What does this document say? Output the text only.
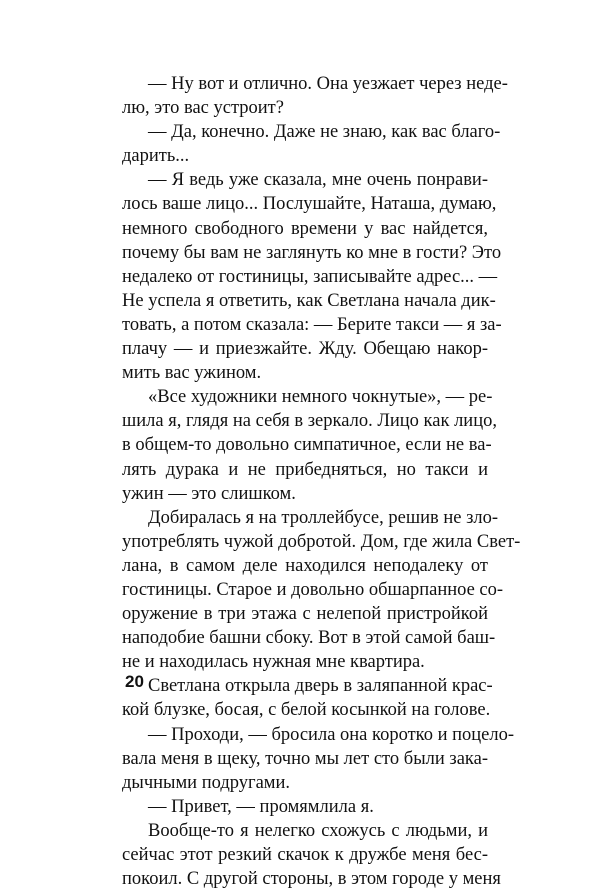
— Ну вот и отлично. Она уезжает через неде-
лю, это вас устроит?
— Да, конечно. Даже не знаю, как вас благо-
дарить...
— Я ведь уже сказала, мне очень понрави-
лось ваше лицо... Послушайте, Наташа, думаю,
немного свободного времени у вас найдется,
почему бы вам не заглянуть ко мне в гости? Это
недалеко от гостиницы, записывайте адрес... —
Не успела я ответить, как Светлана начала дик-
товать, а потом сказала: — Берите такси — я за-
плачу — и приезжайте. Жду. Обещаю накор-
мить вас ужином.
«Все художники немного чокнутые», — ре-
шила я, глядя на себя в зеркало. Лицо как лицо,
в общем-то довольно симпатичное, если не ва-
лять дурака и не прибедняться, но такси и
ужин — это слишком.
Добиралась я на троллейбусе, решив не зло-
употреблять чужой добротой. Дом, где жила Свет-
лана, в самом деле находился неподалеку от
гостиницы. Старое и довольно обшарпанное со-
оружение в три этажа с нелепой пристройкой
наподобие башни сбоку. Вот в этой самой баш-
не и находилась нужная мне квартира.
Светлана открыла дверь в заляпанной крас-
кой блузке, босая, с белой косынкой на голове.
— Проходи, — бросила она коротко и поцело-
вала меня в щеку, точно мы лет сто были зака-
дычными подругами.
— Привет, — промямлила я.
Вообще-то я нелегко схожусь с людьми, и
сейчас этот резкий скачок к дружбе меня бес-
покоил. С другой стороны, в этом городе у меня
20
